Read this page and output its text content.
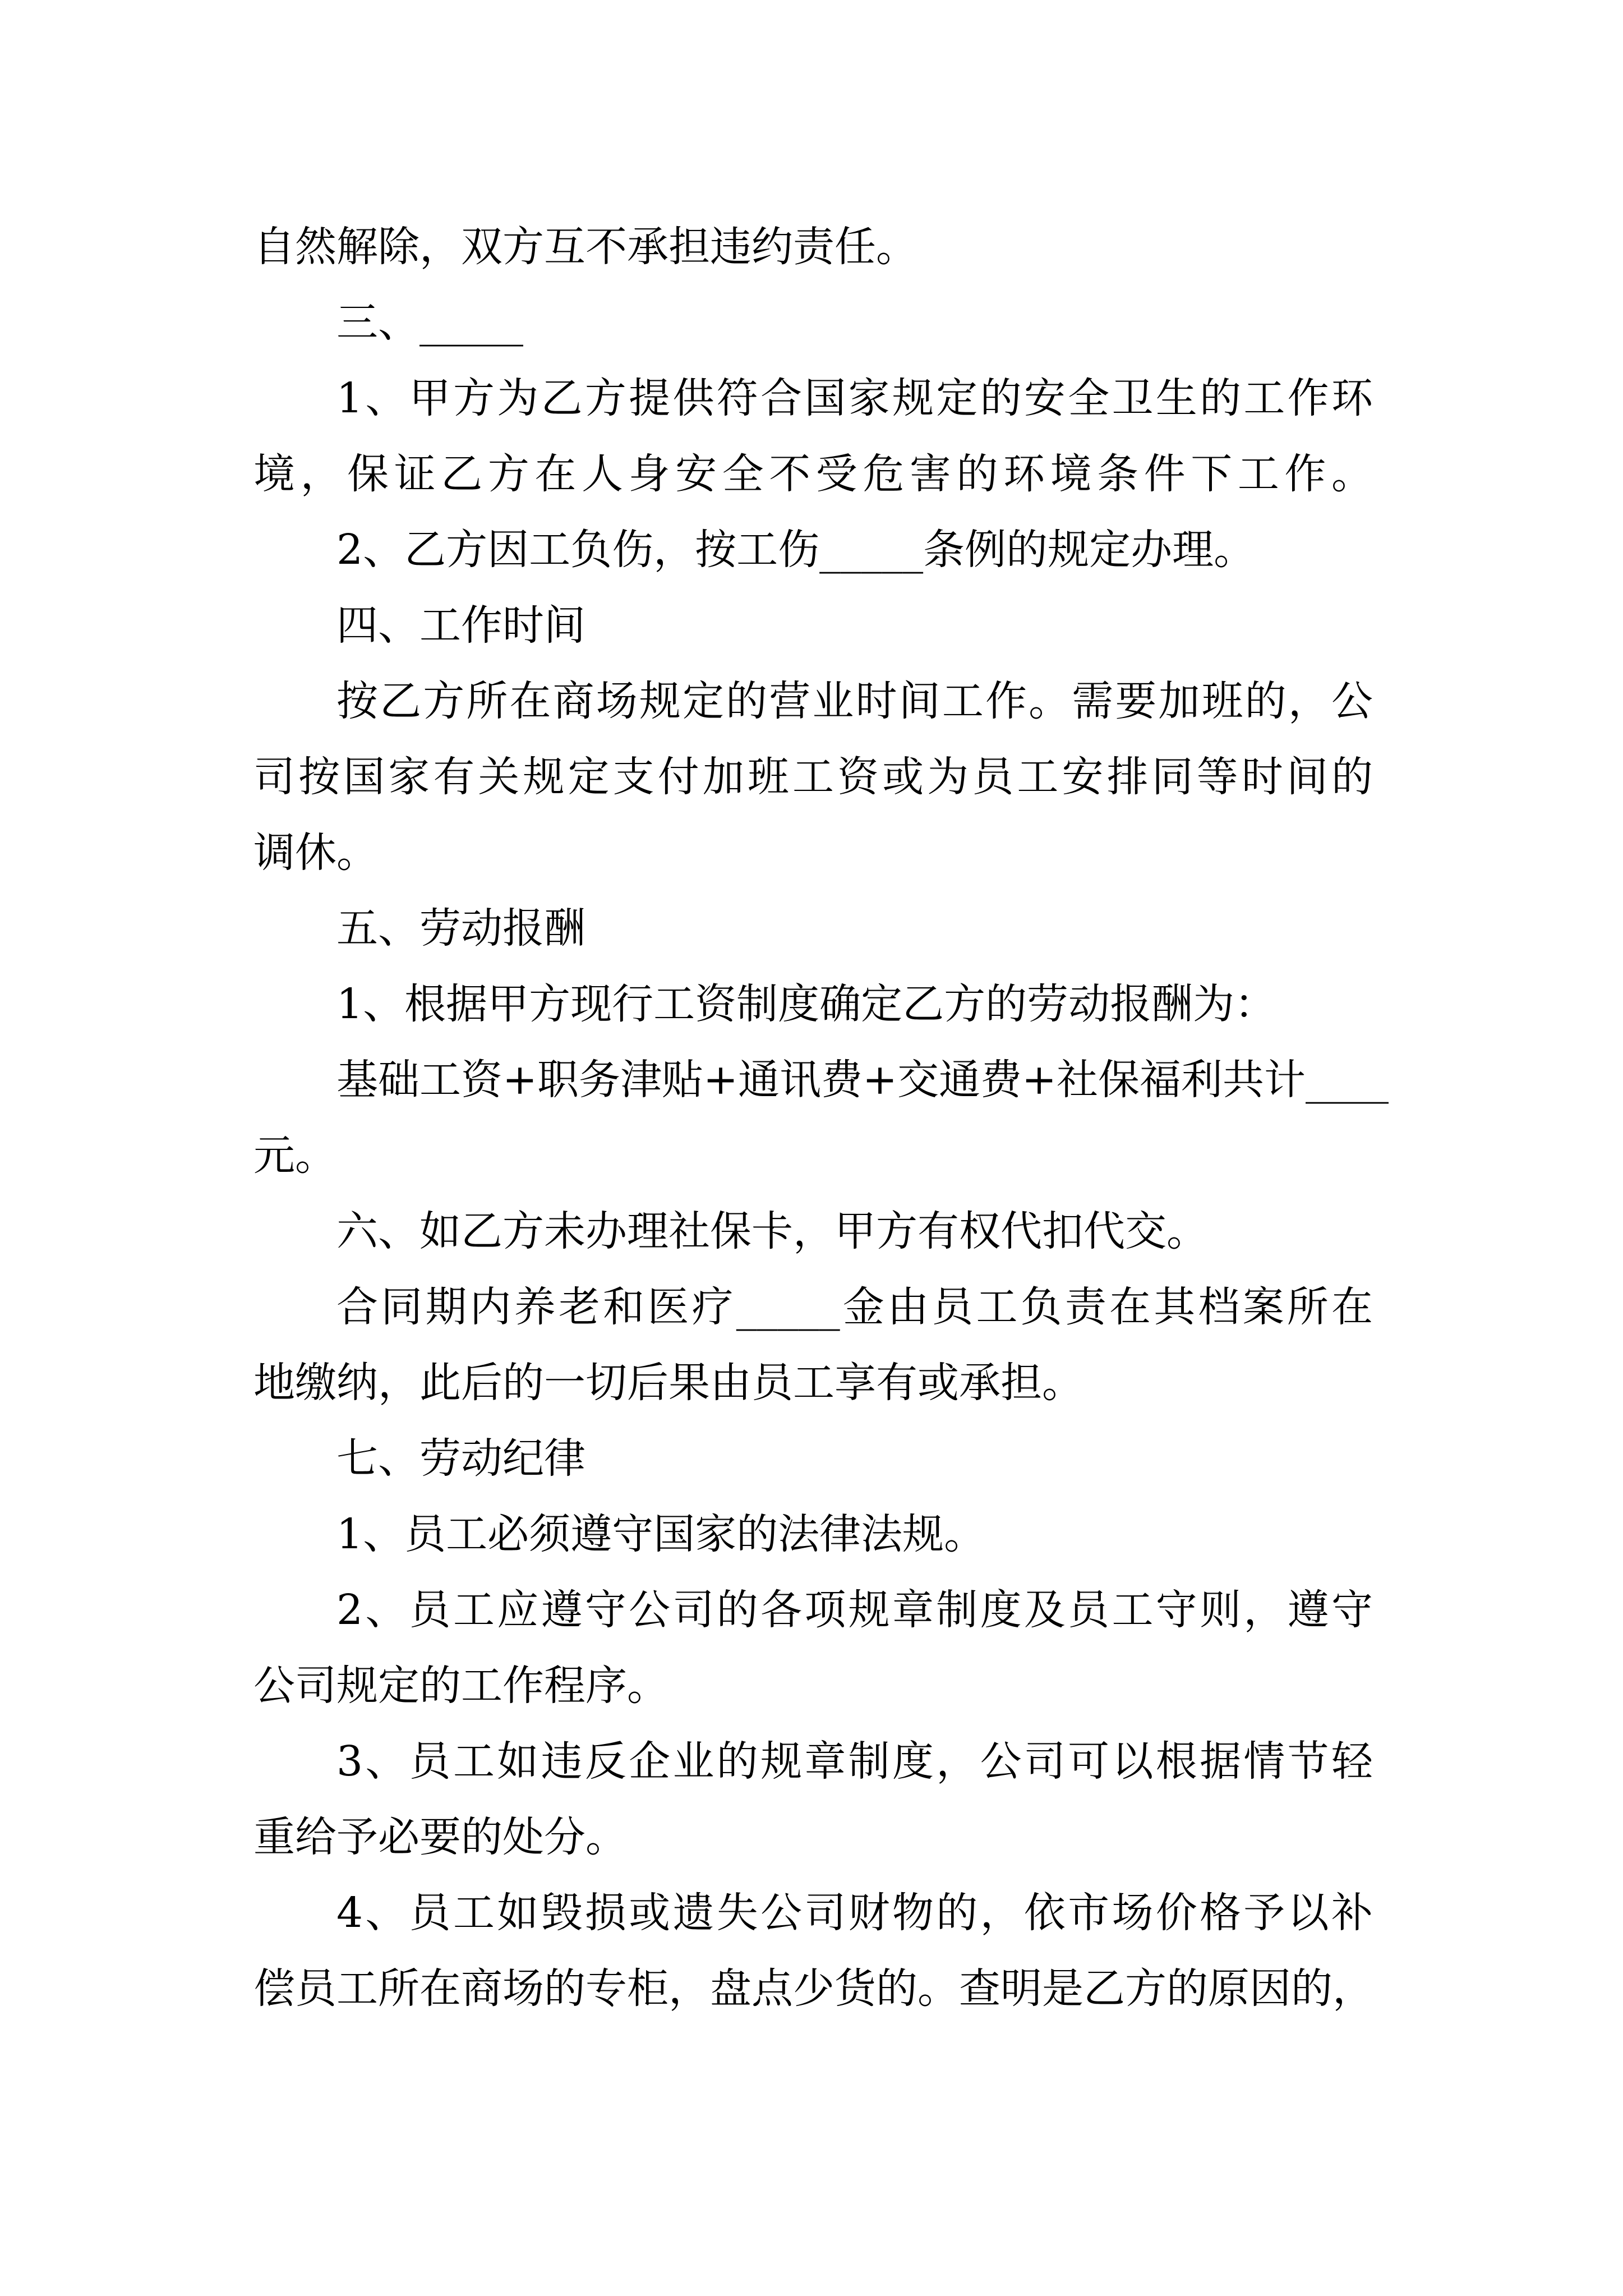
自然解除，双方互不承担违约责任。
三、_____
1、甲方为乙方提供符合国家规定的安全卫生的工作环
境，保证乙方在人身安全不受危害的环境条件下工作。
2、乙方因工负伤，按工伤_____条例的规定办理。
四、工作时间
按乙方所在商场规定的营业时间工作。需要加班的，公
司按国家有关规定支付加班工资或为员工安排同等时间的
调休。
五、劳动报酬
1、根据甲方现行工资制度确定乙方的劳动报酬为：
基础工资+职务津贴+通讯费+交通费+社保福利共计____
元。
六、如乙方未办理社保卡，甲方有权代扣代交。
合同期内养老和医疗_____金由员工负责在其档案所在
地缴纳，此后的一切后果由员工享有或承担。
七、劳动纪律
1、员工必须遵守国家的法律法规。
2、员工应遵守公司的各项规章制度及员工守则，遵守
公司规定的工作程序。
3、员工如违反企业的规章制度，公司可以根据情节轻
重给予必要的处分。
4、员工如毁损或遗失公司财物的，依市场价格予以补
偿员工所在商场的专柜，盘点少货的。查明是乙方的原因的，
